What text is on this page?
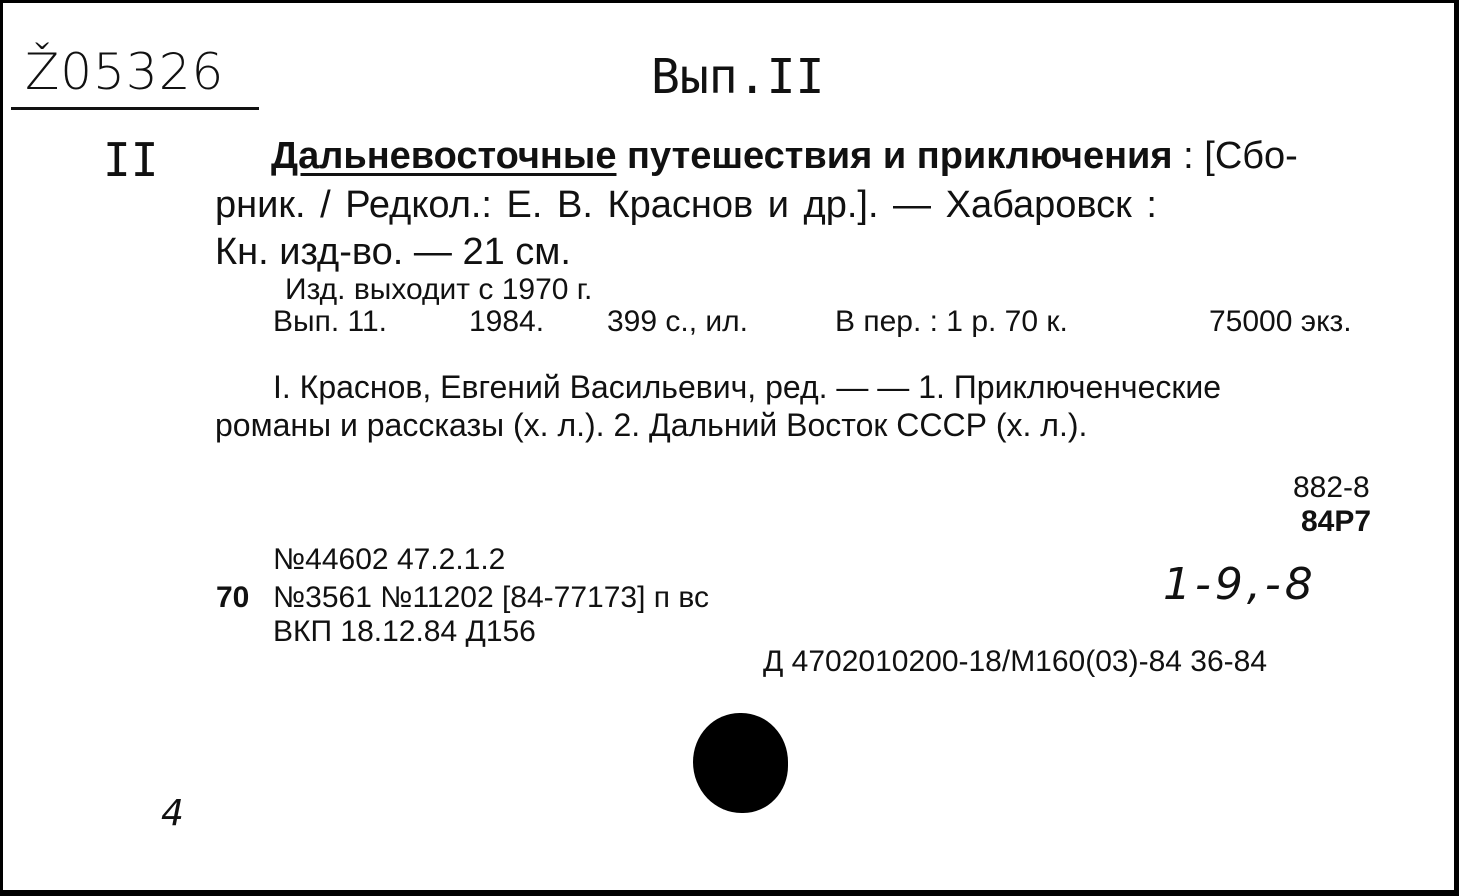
Ž05326	Вып.II
II	Дальневосточные путешествия и приключения : [Сбо-
рник. / Редкол.: Е. В. Краснов и др.]. — Хабаровск :
Кн. изд-во. — 21 см.
Изд. выходит с 1970 г.
Вып. 11.	1984. 399 с., ил.	В пер. : 1 р. 70 к.	75000 экз.
I. Краснов, Евгений Васильевич, ред. — — 1. Приключенческие
романы и рассказы (х. л.). 2. Дальний Восток СССР (х. л.).
882-8
84Р7
№44602 47.2.1.2
70 №3561 №11202 [84-77173] п вс
ВКП 18.12.84 Д156
1-9,-8
Д 4702010200-18/М160(03)-84 36-84
4
